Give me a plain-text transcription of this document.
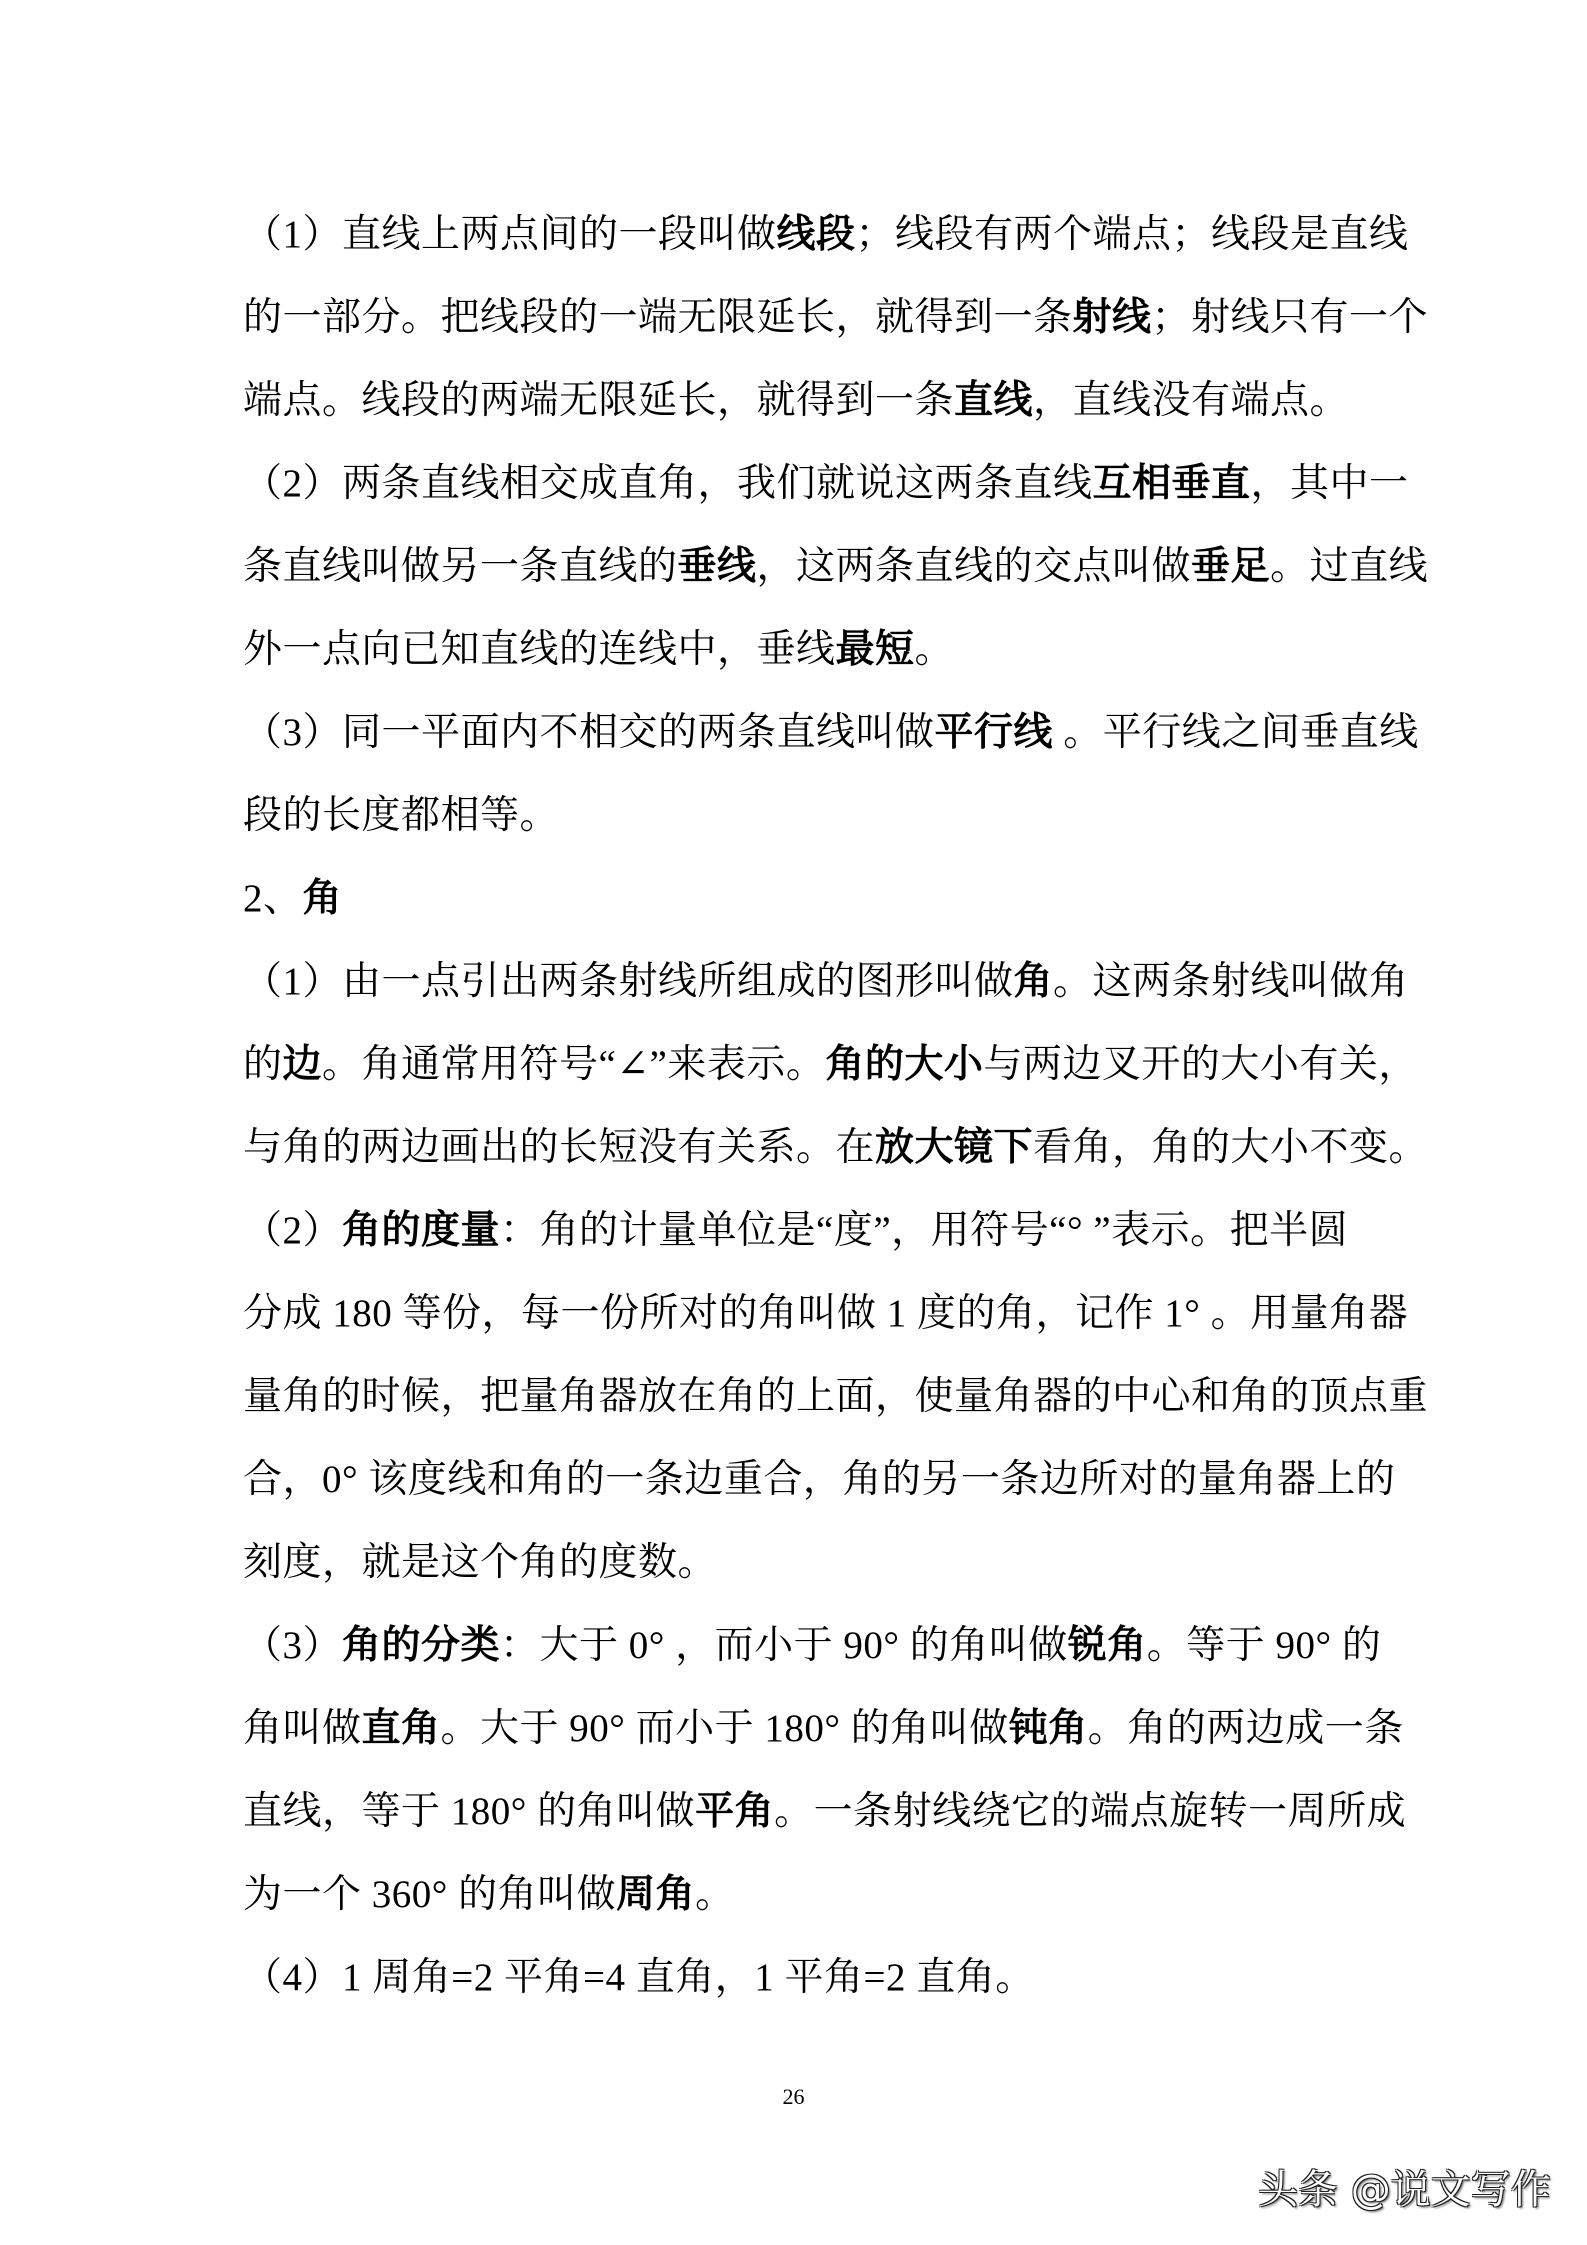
（1）直线上两点间的一段叫做线段；线段有两个端点；线段是直线
的一部分。把线段的一端无限延长，就得到一条射线；射线只有一个
端点。线段的两端无限延长，就得到一条直线，直线没有端点。
（2）两条直线相交成直角，我们就说这两条直线互相垂直，其中一
条直线叫做另一条直线的垂线，这两条直线的交点叫做垂足。过直线
外一点向已知直线的连线中，垂线最短。
（3）同一平面内不相交的两条直线叫做平行线 。平行线之间垂直线
段的长度都相等。
2、角
（1）由一点引出两条射线所组成的图形叫做角。这两条射线叫做角
的边。角通常用符号“∠”来表示。角的大小与两边叉开的大小有关，
与角的两边画出的长短没有关系。在放大镜下看角，角的大小不变。
（2）角的度量：角的计量单位是“度”，用符号“° ”表示。把半圆
分成 180 等份，每一份所对的角叫做 1 度的角，记作 1° 。用量角器
量角的时候，把量角器放在角的上面，使量角器的中心和角的顶点重
合，0° 该度线和角的一条边重合，角的另一条边所对的量角器上的
刻度，就是这个角的度数。
（3）角的分类：大于 0° ，而小于 90° 的角叫做锐角。等于 90° 的
角叫做直角。大于 90° 而小于 180° 的角叫做钝角。角的两边成一条
直线，等于 180° 的角叫做平角。一条射线绕它的端点旋转一周所成
为一个 360° 的角叫做周角。
（4）1 周角=2 平角=4 直角，1 平角=2 直角。
26
头条 @说文写作
